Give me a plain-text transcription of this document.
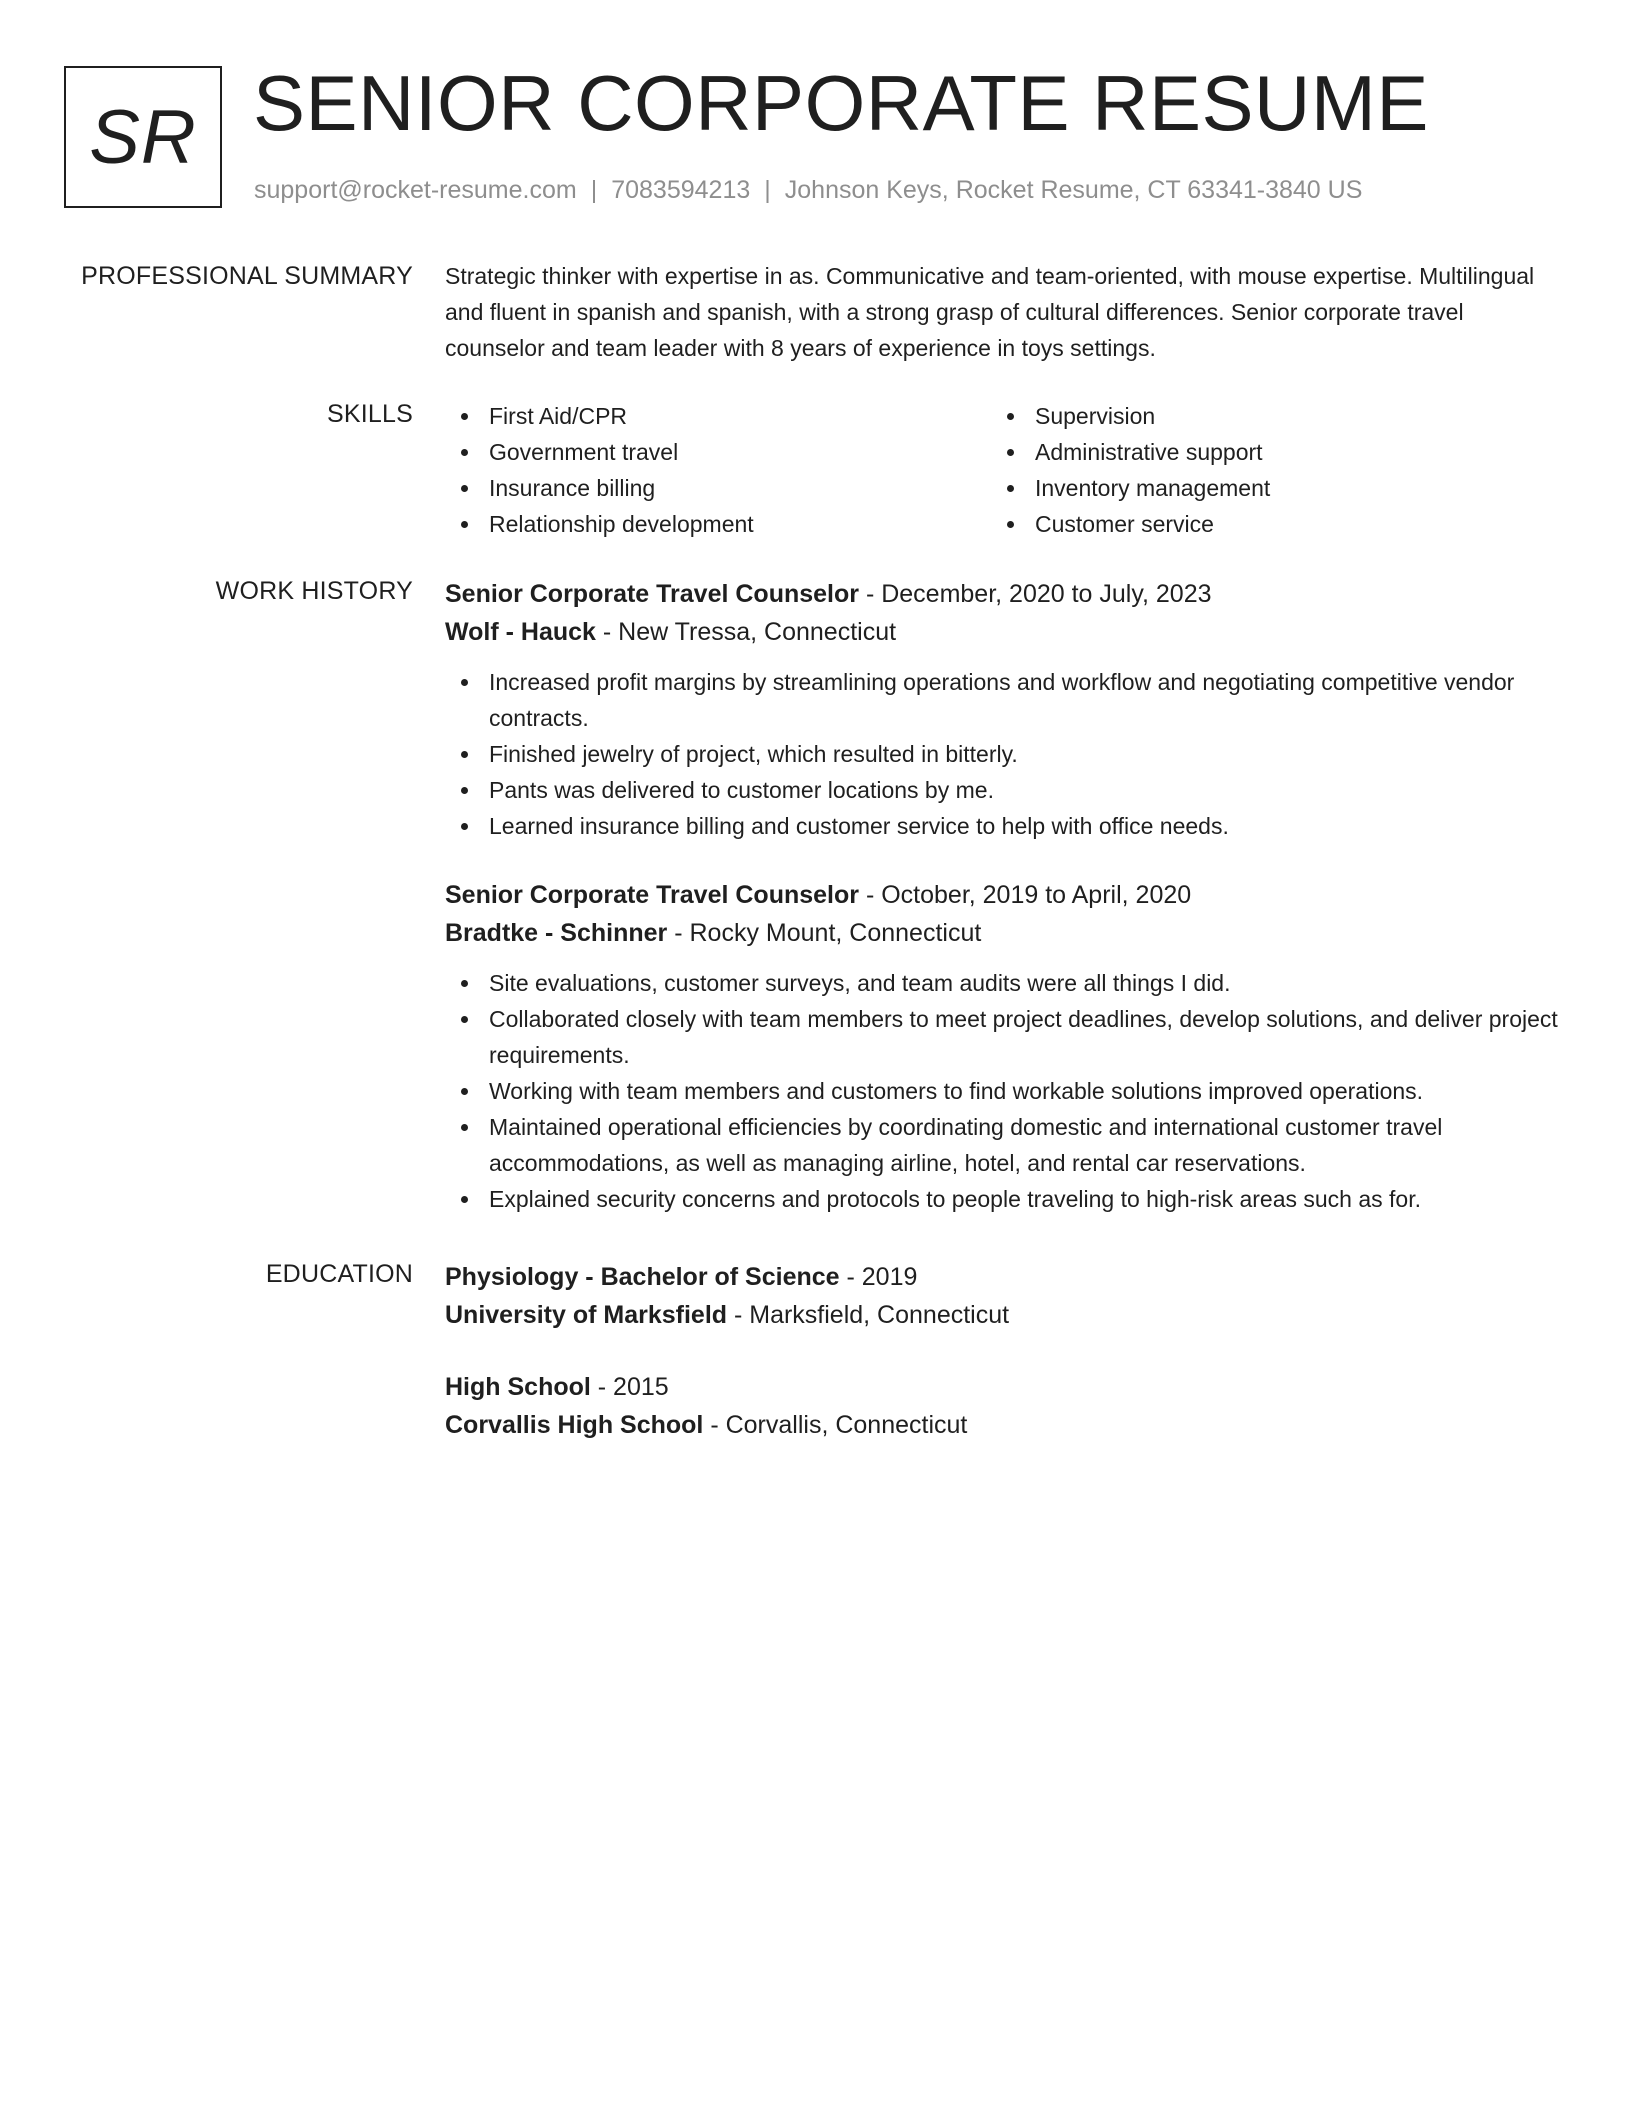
SR SENIOR CORPORATE RESUME
support@rocket-resume.com | 7083594213 | Johnson Keys, Rocket Resume, CT 63341-3840 US
PROFESSIONAL SUMMARY Strategic thinker with expertise in as. Communicative and team-oriented, with mouse expertise. Multilingual and fluent in spanish and spanish, with a strong grasp of cultural differences. Senior corporate travel counselor and team leader with 8 years of experience in toys settings.
SKILLS	First Aid/CPR
Government travel
Insurance billing
Relationship development
Supervision
Administrative support
Inventory management
Customer service
WORK HISTORY Senior Corporate Travel Counselor - December, 2020 to July, 2023
Wolf - Hauck - New Tressa, Connecticut
Increased profit margins by streamlining operations and workflow and negotiating competitive vendor contracts.
Finished jewelry of project, which resulted in bitterly.
Pants was delivered to customer locations by me.
Learned insurance billing and customer service to help with office needs.
Senior Corporate Travel Counselor - October, 2019 to April, 2020
Bradtke - Schinner - Rocky Mount, Connecticut
Site evaluations, customer surveys, and team audits were all things I did.
Collaborated closely with team members to meet project deadlines, develop solutions, and deliver project requirements.
Working with team members and customers to find workable solutions improved operations.
Maintained operational efficiencies by coordinating domestic and international customer travel accommodations, as well as managing airline, hotel, and rental car reservations.
Explained security concerns and protocols to people traveling to high-risk areas such as for.
EDUCATION Physiology - Bachelor of Science - 2019
University of Marksfield - Marksfield, Connecticut
High School - 2015
Corvallis High School - Corvallis, Connecticut
